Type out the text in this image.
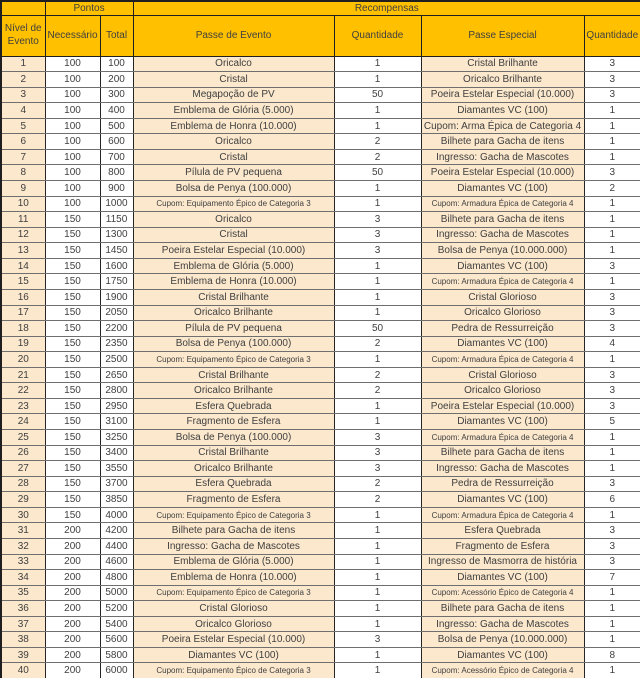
	Pontos		Recompensas			
Nível de Evento	Necessário	Total	Passe de Evento	Quantidade	Passe Especial	Quantidade
1	100	100	Oricalco	1	Cristal Brilhante	3
2	100	200	Cristal	1	Oricalco Brilhante	3
3	100	300	Megapoção de PV	50	Poeira Estelar Especial (10.000)	3
4	100	400	Emblema de Glória (5.000)	1	Diamantes VC (100)	1
5	100	500	Emblema de Honra (10.000)	1	Cupom: Arma Épica de Categoria 4	1
6	100	600	Oricalco	2	Bilhete para Gacha de itens	1
7	100	700	Cristal	2	Ingresso: Gacha de Mascotes	1
8	100	800	Pílula de PV pequena	50	Poeira Estelar Especial (10.000)	3
9	100	900	Bolsa de Penya (100.000)	1	Diamantes VC (100)	2
10	100	1000	Cupom: Equipamento Épico de Categoria 3	1	Cupom: Armadura Épica de Categoria 4	1
11	150	1150	Oricalco	3	Bilhete para Gacha de itens	1
12	150	1300	Cristal	3	Ingresso: Gacha de Mascotes	1
13	150	1450	Poeira Estelar Especial (10.000)	3	Bolsa de Penya (10.000.000)	1
14	150	1600	Emblema de Glória (5.000)	1	Diamantes VC (100)	3
15	150	1750	Emblema de Honra (10.000)	1	Cupom: Armadura Épica de Categoria 4	1
16	150	1900	Cristal Brilhante	1	Cristal Glorioso	3
17	150	2050	Oricalco Brilhante	1	Oricalco Glorioso	3
18	150	2200	Pílula de PV pequena	50	Pedra de Ressurreição	3
19	150	2350	Bolsa de Penya (100.000)	2	Diamantes VC (100)	4
20	150	2500	Cupom: Equipamento Épico de Categoria 3	1	Cupom: Armadura Épica de Categoria 4	1
21	150	2650	Cristal Brilhante	2	Cristal Glorioso	3
22	150	2800	Oricalco Brilhante	2	Oricalco Glorioso	3
23	150	2950	Esfera Quebrada	1	Poeira Estelar Especial (10.000)	3
24	150	3100	Fragmento de Esfera	1	Diamantes VC (100)	5
25	150	3250	Bolsa de Penya (100.000)	3	Cupom: Armadura Épica de Categoria 4	1
26	150	3400	Cristal Brilhante	3	Bilhete para Gacha de itens	1
27	150	3550	Oricalco Brilhante	3	Ingresso: Gacha de Mascotes	1
28	150	3700	Esfera Quebrada	2	Pedra de Ressurreição	3
29	150	3850	Fragmento de Esfera	2	Diamantes VC (100)	6
30	150	4000	Cupom: Equipamento Épico de Categoria 3	1	Cupom: Armadura Épica de Categoria 4	1
31	200	4200	Bilhete para Gacha de itens	1	Esfera Quebrada	3
32	200	4400	Ingresso: Gacha de Mascotes	1	Fragmento de Esfera	3
33	200	4600	Emblema de Glória (5.000)	1	Ingresso de Masmorra de história	3
34	200	4800	Emblema de Honra (10.000)	1	Diamantes VC (100)	7
35	200	5000	Cupom: Equipamento Épico de Categoria 3	1	Cupom: Acessório Épico de Categoria 4	1
36	200	5200	Cristal Glorioso	1	Bilhete para Gacha de itens	1
37	200	5400	Oricalco Glorioso	1	Ingresso: Gacha de Mascotes	1
38	200	5600	Poeira Estelar Especial (10.000)	3	Bolsa de Penya (10.000.000)	1
39	200	5800	Diamantes VC (100)	1	Diamantes VC (100)	8
40	200	6000	Cupom: Equipamento Épico de Categoria 3	1	Cupom: Acessório Épico de Categoria 4	1
